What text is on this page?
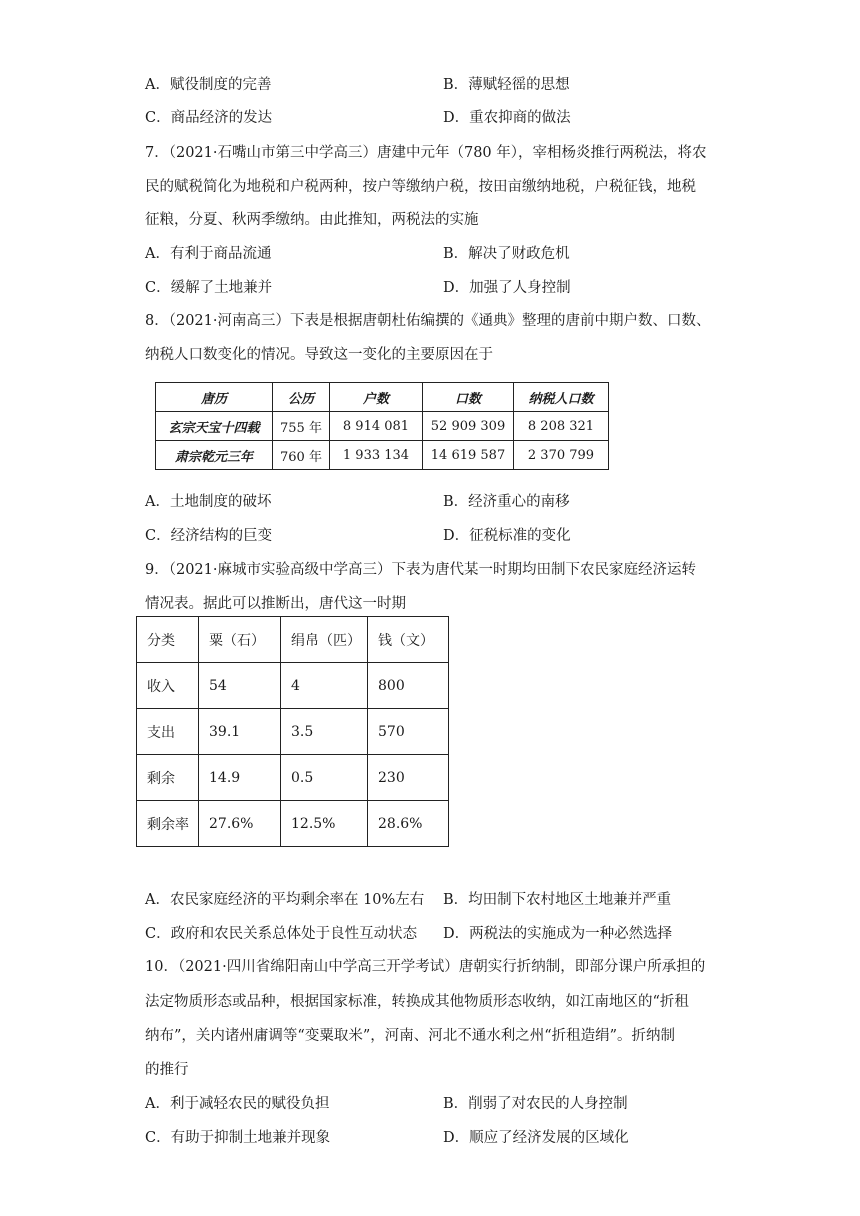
A．赋役制度的完善	B．薄赋轻徭的思想
C．商品经济的发达	D．重农抑商的做法
7．（2021·石嘴山市第三中学高三）唐建中元年（780 年），宰相杨炎推行两税法，将农
民的赋税简化为地税和户税两种，按户等缴纳户税，按田亩缴纳地税，户税征钱，地税
征粮，分夏、秋两季缴纳。由此推知，两税法的实施
A．有利于商品流通	B．解决了财政危机
C．缓解了土地兼并	D．加强了人身控制
8．（2021·河南高三）下表是根据唐朝杜佑编撰的《通典》整理的唐前中期户数、口数、
纳税人口数变化的情况。导致这一变化的主要原因在于
唐历	公历	户数	口数	纳税人口数
玄宗天宝十四载	755 年	8 914 081	52 909 309	8 208 321
肃宗乾元三年	760 年	1 933 134	14 619 587	2 370 799
A．土地制度的破坏	B．经济重心的南移
C．经济结构的巨变	D．征税标准的变化
9．（2021·麻城市实验高级中学高三）下表为唐代某一时期均田制下农民家庭经济运转
情况表。据此可以推断出，唐代这一时期
分类	粟（石）	绢帛（匹）	钱（文）
收入	54	4	800
支出	39.1	3.5	570
剩余	14.9	0.5	230
剩余率	27.6%	12.5%	28.6%
A．农民家庭经济的平均剩余率在 10%左右 B．均田制下农村地区土地兼并严重
C．政府和农民关系总体处于良性互动状态 D．两税法的实施成为一种必然选择
10．（2021·四川省绵阳南山中学高三开学考试）唐朝实行折纳制，即部分课户所承担的
法定物质形态或品种，根据国家标准，转换成其他物质形态收纳，如江南地区的“折租
纳布”，关内诸州庸调等“变粟取米”，河南、河北不通水利之州“折租造绢”。折纳制
的推行
A．利于减轻农民的赋役负担	B．削弱了对农民的人身控制
C．有助于抑制土地兼并现象	D．顺应了经济发展的区域化
